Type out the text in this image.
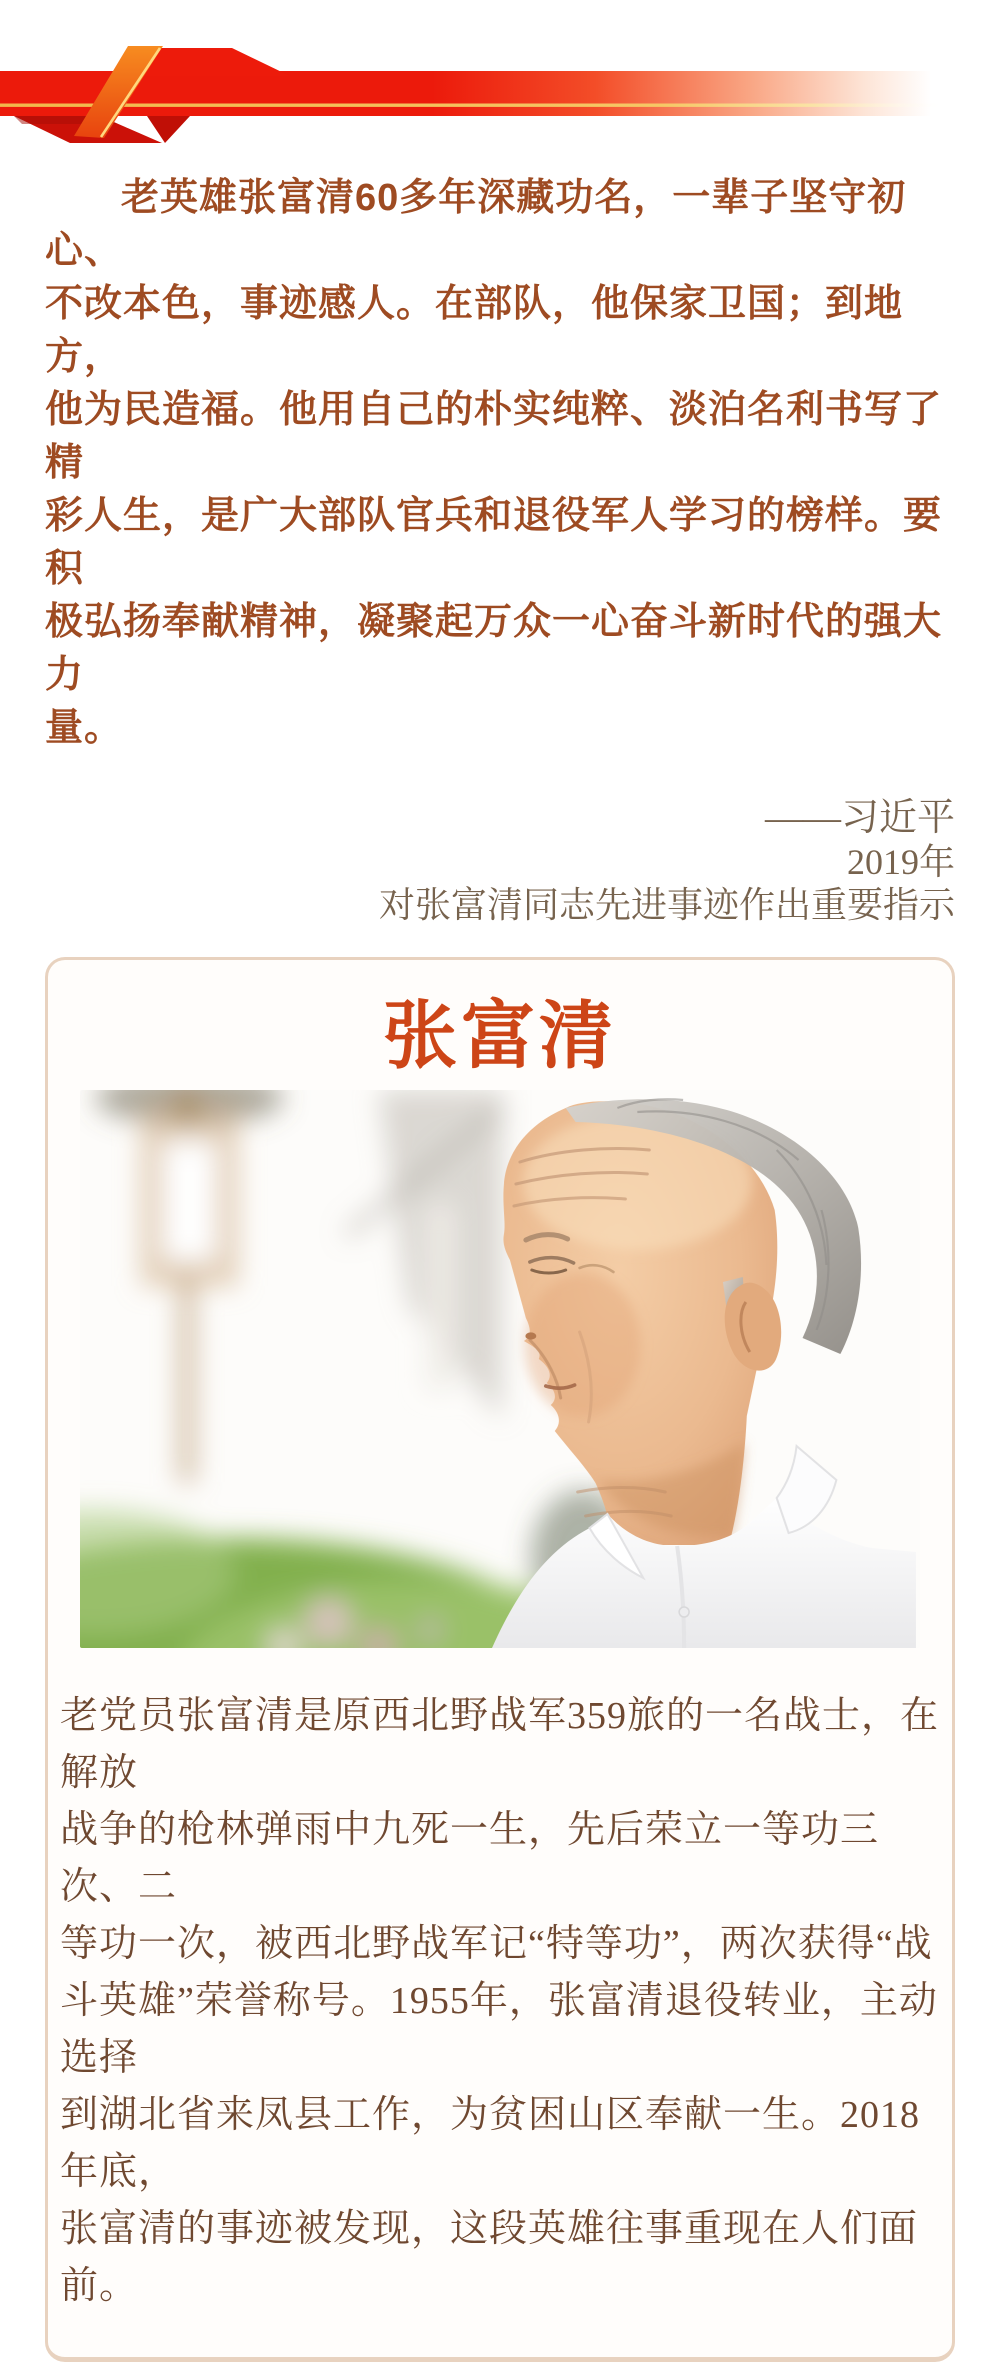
老英雄张富清60多年深藏功名，一辈子坚守初心、
不改本色，事迹感人。在部队，他保家卫国；到地方，
他为民造福。他用自己的朴实纯粹、淡泊名利书写了精
彩人生，是广大部队官兵和退役军人学习的榜样。要积
极弘扬奉献精神，凝聚起万众一心奋斗新时代的强大力
量。
——习近平
2019年
对张富清同志先进事迹作出重要指示
张富清
老党员张富清是原西北野战军359旅的一名战士，在解放
战争的枪林弹雨中九死一生，先后荣立一等功三次、二
等功一次，被西北野战军记“特等功”，两次获得“战
斗英雄”荣誉称号。1955年，张富清退役转业，主动选择
到湖北省来凤县工作，为贫困山区奉献一生。2018年底，
张富清的事迹被发现，这段英雄往事重现在人们面前。
